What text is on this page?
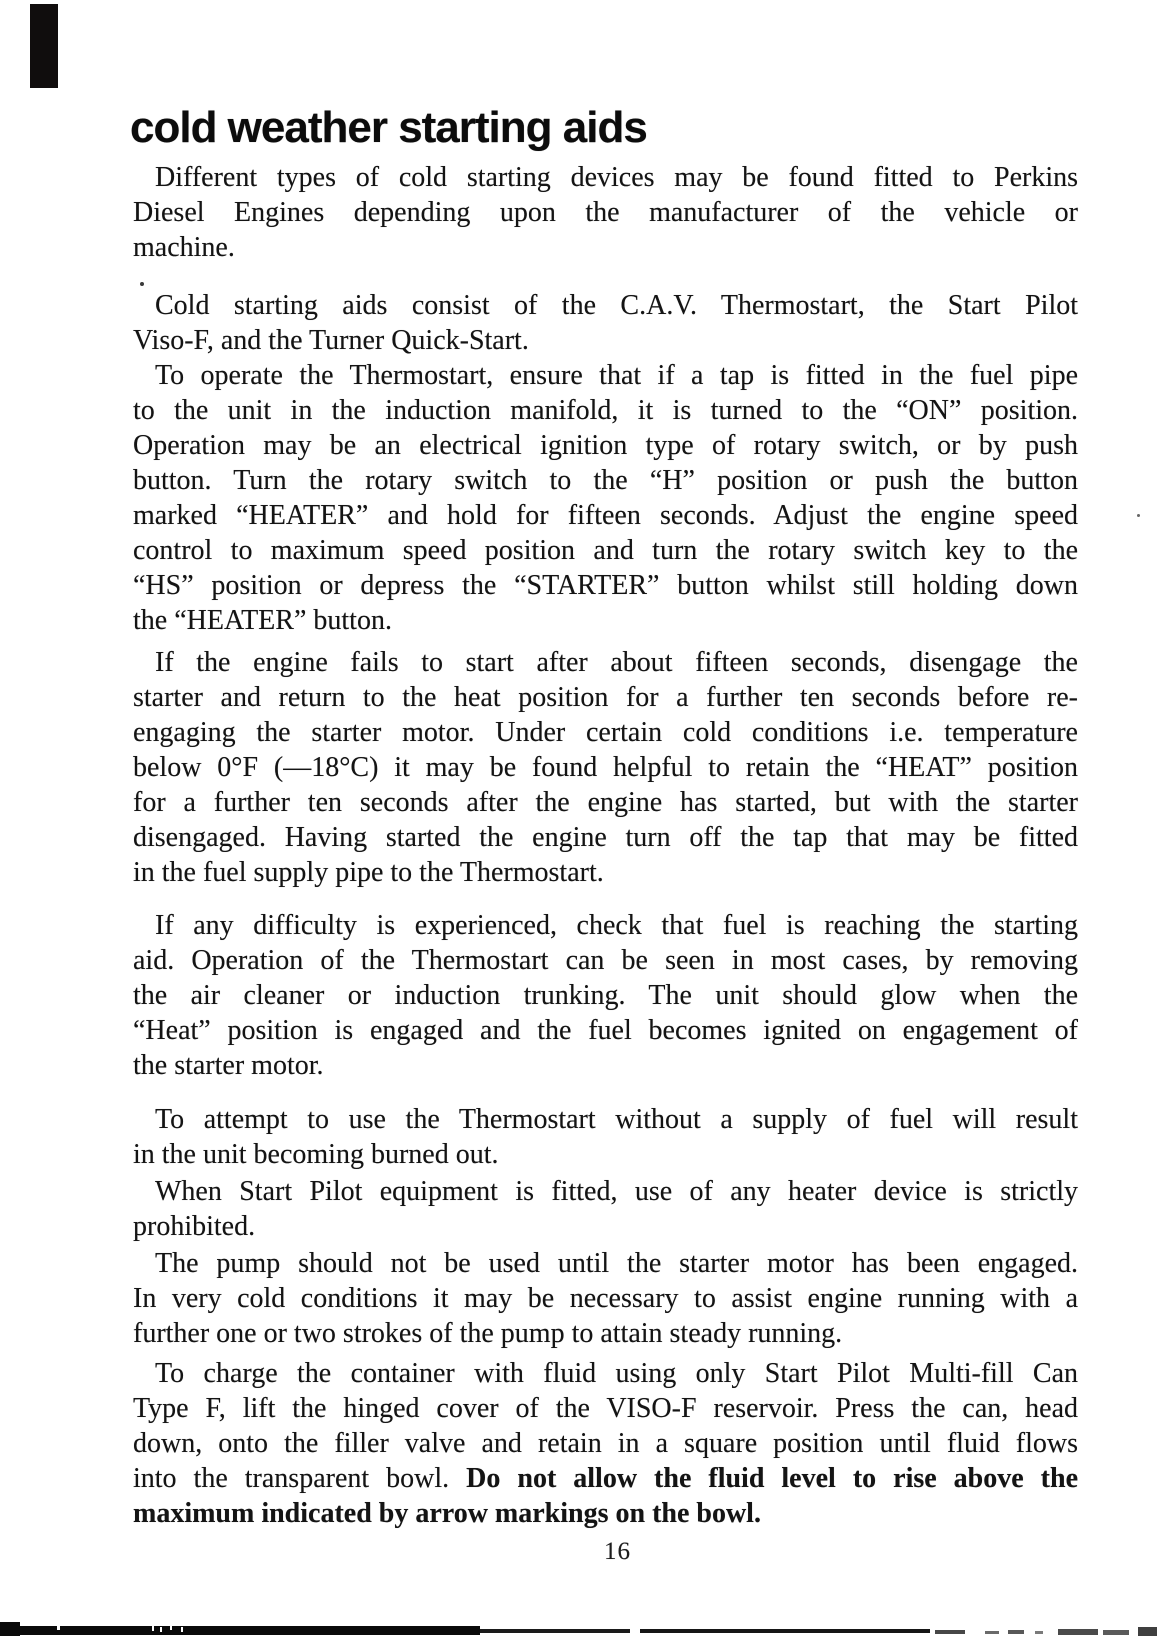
cold weather starting aids
Different types of cold starting devices may be found fitted to Perkins
Diesel Engines depending upon the manufacturer of the vehicle or
machine.
Cold starting aids consist of the C.A.V. Thermostart, the Start Pilot
Viso-F, and the Turner Quick-Start.
To operate the Thermostart, ensure that if a tap is fitted in the fuel pipe
to the unit in the induction manifold, it is turned to the “ON” position.
Operation may be an electrical ignition type of rotary switch, or by push
button. Turn the rotary switch to the “H” position or push the button
marked “HEATER” and hold for fifteen seconds. Adjust the engine speed
control to maximum speed position and turn the rotary switch key to the
“HS” position or depress the “STARTER” button whilst still holding down
the “HEATER” button.
If the engine fails to start after about fifteen seconds, disengage the
starter and return to the heat position for a further ten seconds before re-
engaging the starter motor. Under certain cold conditions i.e. temperature
below 0°F (—18°C) it may be found helpful to retain the “HEAT” position
for a further ten seconds after the engine has started, but with the starter
disengaged. Having started the engine turn off the tap that may be fitted
in the fuel supply pipe to the Thermostart.
If any difficulty is experienced, check that fuel is reaching the starting
aid. Operation of the Thermostart can be seen in most cases, by removing
the air cleaner or induction trunking. The unit should glow when the
“Heat” position is engaged and the fuel becomes ignited on engagement of
the starter motor.
To attempt to use the Thermostart without a supply of fuel will result
in the unit becoming burned out.
When Start Pilot equipment is fitted, use of any heater device is strictly
prohibited.
The pump should not be used until the starter motor has been engaged.
In very cold conditions it may be necessary to assist engine running with a
further one or two strokes of the pump to attain steady running.
To charge the container with fluid using only Start Pilot Multi-fill Can
Type F, lift the hinged cover of the VISO-F reservoir. Press the can, head
down, onto the filler valve and retain in a square position until fluid flows
into the transparent bowl. Do not allow the fluid level to rise above the
maximum indicated by arrow markings on the bowl.
16
